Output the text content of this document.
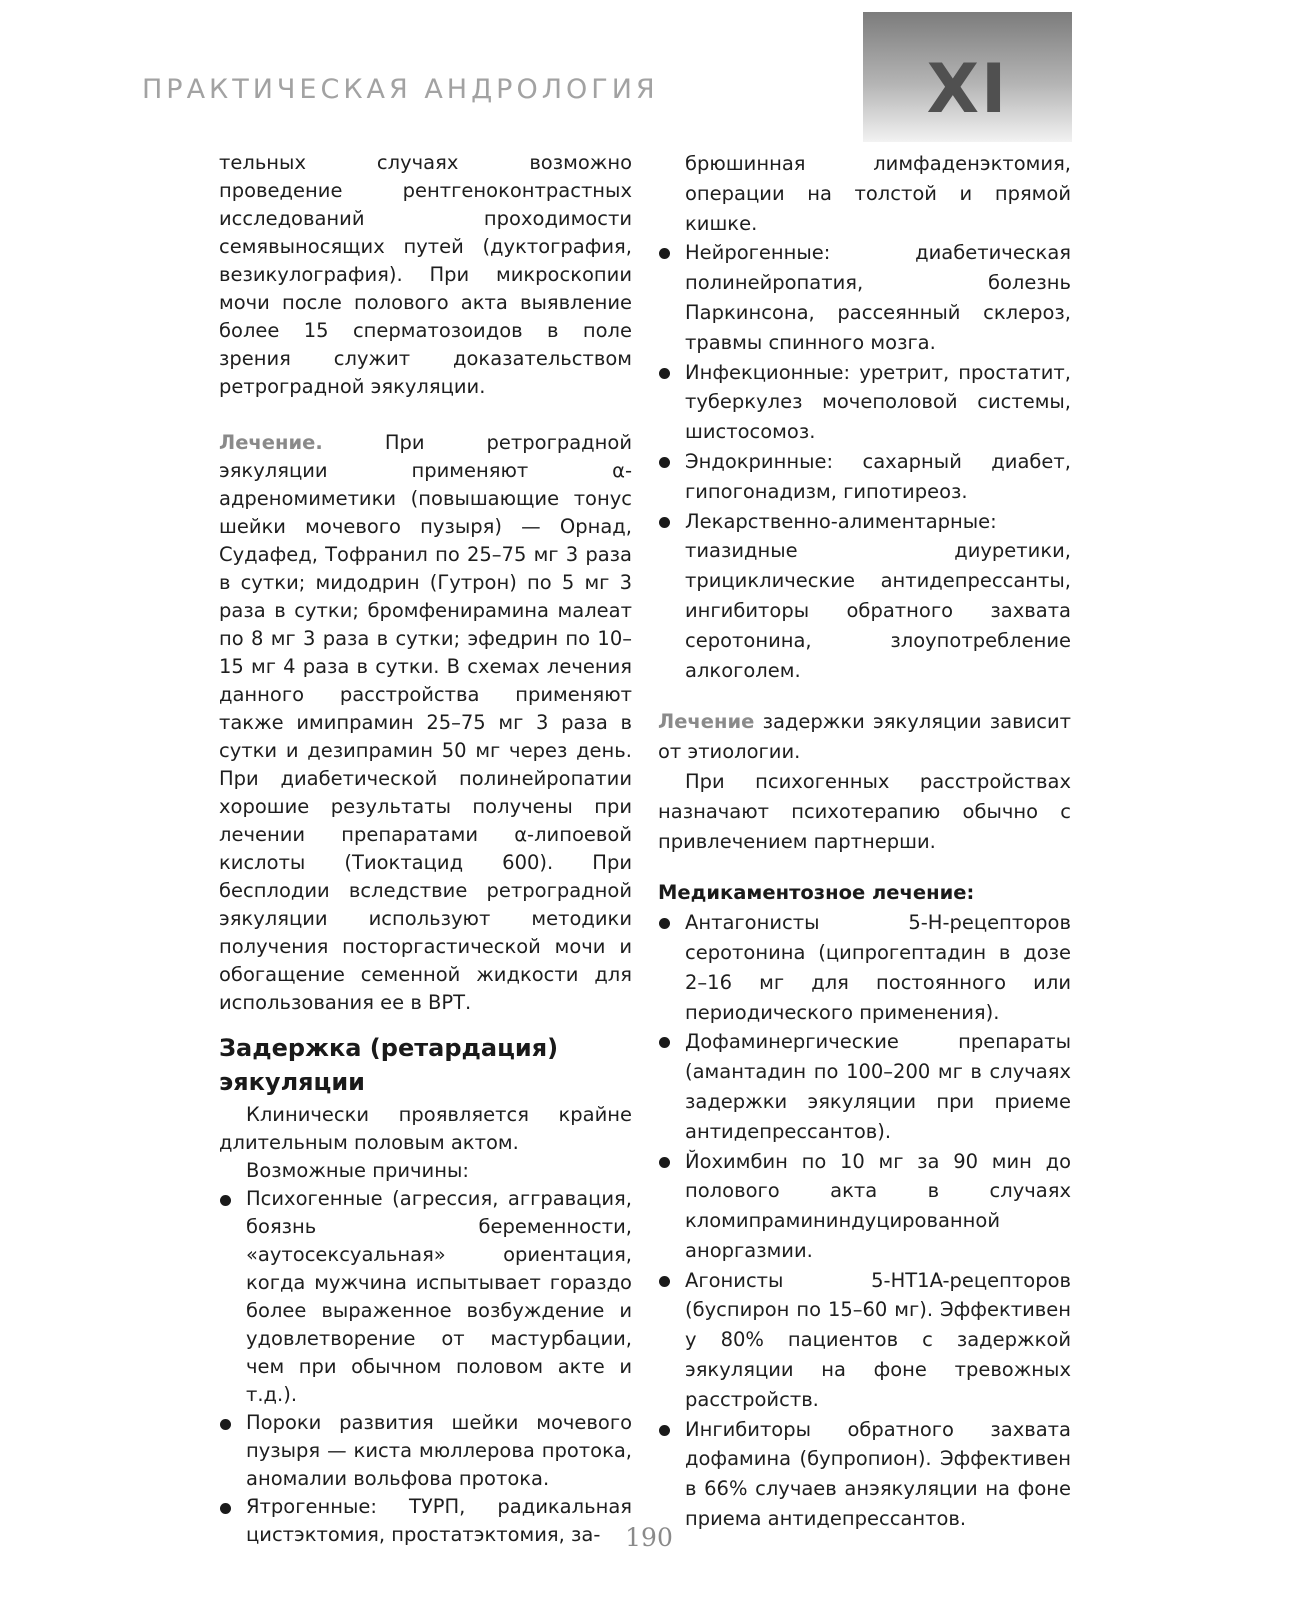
ПРАКТИЧЕСКАЯ АНДРОЛОГИЯ	XI

тельных случаях возможно проведение рентгеноконтрастных исследований проходимости семявыносящих путей (дуктография, везикулография). При микроскопии мочи после полового акта выявление более 15 сперматозоидов в поле зрения служит доказательством ретроградной эякуляции.

Лечение. При ретроградной эякуляции применяют α-адреномиметики (повышающие тонус шейки мочевого пузыря) — Орнад, Судафед, Тофранил по 25–75 мг 3 раза в сутки; мидодрин (Гутрон) по 5 мг 3 раза в сутки; бромфенирамина малеат по 8 мг 3 раза в сутки; эфедрин по 10–15 мг 4 раза в сутки. В схемах лечения данного расстройства применяют также имипрамин 25–75 мг 3 раза в сутки и дезипрамин 50 мг через день. При диабетической полинейропатии хорошие результаты получены при лечении препаратами α-липоевой кислоты (Тиоктацид 600). При бесплодии вследствие ретроградной эякуляции используют методики получения посторгастической мочи и обогащение семенной жидкости для использования ее в ВРТ.

Задержка (ретардация) эякуляции

Клинически проявляется крайне длительным половым актом.

Возможные причины:

Психогенные (агрессия, аггравация, боязнь беременности, «аутосексуальная» ориентация, когда мужчина испытывает гораздо более выраженное возбуждение и удовлетворение от мастурбации, чем при обычном половом акте и т.д.).
Пороки развития шейки мочевого пузыря — киста мюллерова протока, аномалии вольфова протока.
Ятрогенные: ТУРП, радикальная цистэктомия, простатэктомия, за-

брюшинная лимфаденэктомия, операции на толстой и прямой кишке.

Нейрогенные: диабетическая полинейропатия, болезнь Паркинсона, рассеянный склероз, травмы спинного мозга.
Инфекционные: уретрит, простатит, туберкулез мочеполовой системы, шистосомоз.
Эндокринные: сахарный диабет, гипогонадизм, гипотиреоз.
Лекарственно-алиментарные: тиазидные диуретики, трициклические антидепрессанты, ингибиторы обратного захвата серотонина, злоупотребление алкоголем.

Лечение задержки эякуляции зависит от этиологии.

При психогенных расстройствах назначают психотерапию обычно с привлечением партнерши.

Медикаментозное лечение:

Антагонисты 5-Н-рецепторов серотонина (ципрогептадин в дозе 2–16 мг для постоянного или периодического применения).
Дофаминергические препараты (амантадин по 100–200 мг в случаях задержки эякуляции при приеме антидепрессантов).
Йохимбин по 10 мг за 90 мин до полового акта в случаях кломипрамининдуцированной аноргазмии.
Агонисты 5-HT1A-рецепторов (буспирон по 15–60 мг). Эффективен у 80% пациентов с задержкой эякуляции на фоне тревожных расстройств.
Ингибиторы обратного захвата дофамина (бупропион). Эффективен в 66% случаев анэякуляции на фоне приема антидепрессантов.
190
